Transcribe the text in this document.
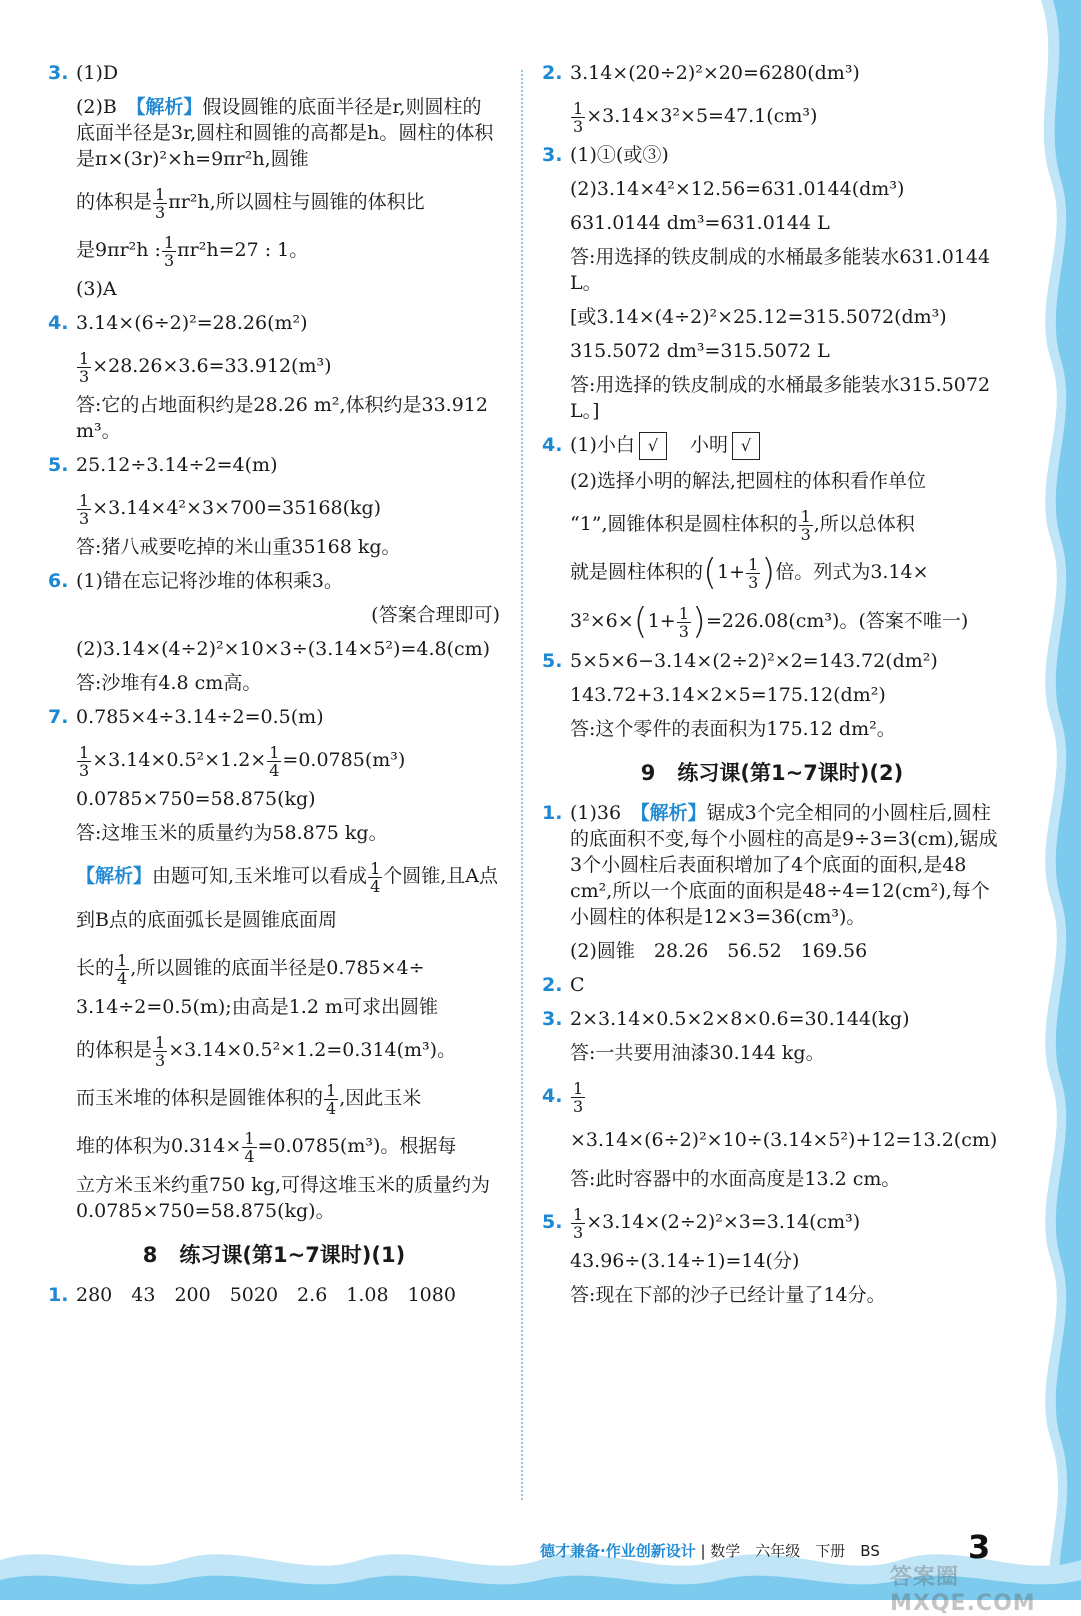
3. (1)D
(2)B　 【解析】假设圆锥的底面半径是r,则圆柱的底面半径是3r,圆柱和圆锥的高都是h。圆柱的体积是π×(3r)²×h=9πr²h,圆锥
的体积是 $\frac{1}{3} \pi r^2h$,所以圆柱与圆锥的体积比
是9πr²h : $\frac{1}{3} \pi r^2h=27$ : 1。
(3)A
4. 3.14×(6÷2)²=28.26(m²)
$\frac{1}{3} \times 28.26\times 3.6=33.912(m^3)$
答:它的占地面积约是28.26 m²,体积约是33.912 m³。
5. 25.12÷3.14÷2=4(m)
$\frac{1}{3} \times 3.14\times 4^2\times 3\times 700=35168(kg)$
答:猪八戒要吃掉的米山重35168 kg。
6. (1)错在忘记将沙堆的体积乘3。
(答案合理即可)
(2)3.14×(4÷2)²×10×3÷(3.14×5²)=4.8(cm)
答:沙堆有4.8 cm高。
7. 0.785×4÷3.14÷2=0.5(m)
$\frac{1}{3} \times 3.14\times 0.5^2\times 1.2\times \frac{1}{4} =0.0785(m^3)$
0.0785×750=58.875(kg)
答:这堆玉米的质量约为58.875 kg。
【解析】由题可知,玉米堆可以看成 $\frac{1}{4}$ 个圆锥,且A点到B点的底面弧长是圆锥底面周
长的 $\frac{1}{4}$ ,所以圆锥的底面半径是0.785×4÷
3.14÷2=0.5(m);由高是1.2 m可求出圆锥
的体积是 $\frac{1}{3} \times 3.14\times 0.5^2\times 1.2=0.314(m^3)$。
而玉米堆的体积是圆锥体积的 $\frac{1}{4}$ ,因此玉米
堆的体积为$0.314\times \frac{1}{4} =0.0785(m^3)$。根据每
立方米玉米约重750 kg,可得这堆玉米的质量约为0.0785×750=58.875(kg)。
8 练习课(第1~7课时)(1)
1. 280　43　200　5020　2.6　1.08　1080
2. 3.14×(20÷2)²×20=6280(dm³)
$\frac{1}{3} \times 3.14\times 3^2\times 5=47.1(cm^3)$
3. (1)①(或③)
(2)3.14×4²×12.56=631.0144(dm³)
631.0144 dm³=631.0144 L
答:用选择的铁皮制成的水桶最多能装水631.0144 L。
[或3.14×(4÷2)²×25.12=315.5072(dm³)
315.5072 dm³=315.5072 L
答:用选择的铁皮制成的水桶最多能装水315.5072 L。]
4. (1)小白 √　 小明 √
(2)选择小明的解法,把圆柱的体积看作单位
“1”,圆锥体积是圆柱体积的 $\frac{1}{3}$ ,所以总体积
就是圆柱体积的($1+ \frac{1}{3}$ )倍。列式为3.14×
$3^2\times 6\times(1+ \frac{1}{3} )=226.08(cm^3)$。(答案不唯一)
5. 5×5×6−3.14×(2÷2)²×2=143.72(dm²)
143.72+3.14×2×5=175.12(dm²)
答:这个零件的表面积为175.12 dm²。
9 练习课(第1~7课时)(2)
1. (1)36　 【解析】锯成3个完全相同的小圆柱后,圆柱的底面积不变,每个小圆柱的高是9÷3=3(cm),锯成3个小圆柱后表面积增加了4个底面的面积,是48 cm²,所以一个底面的面积是48÷4=12(cm²),每个小圆柱的体积是12×3=36(cm³)。
(2)圆锥　28.26　56.52　169.56
2. C
3. 2×3.14×0.5×2×8×0.6=30.144(kg)
答:一共要用油漆30.144 kg。
4. $\frac{1}{3}$
×3.14×(6÷2)²×10÷(3.14×5²)+12=13.2(cm)
答:此时容器中的水面高度是13.2 cm。
5. $\frac{1}{3} \times 3.14\times(2\div 2)^2\times 3=3.14(cm^3)$
43.96÷(3.14÷1)=14(分)
答:现在下部的沙子已经计量了14分。
德才兼备·作业创新设计 | 数学　六年级　下册　BS	3
答案圈 MXQE.COM
